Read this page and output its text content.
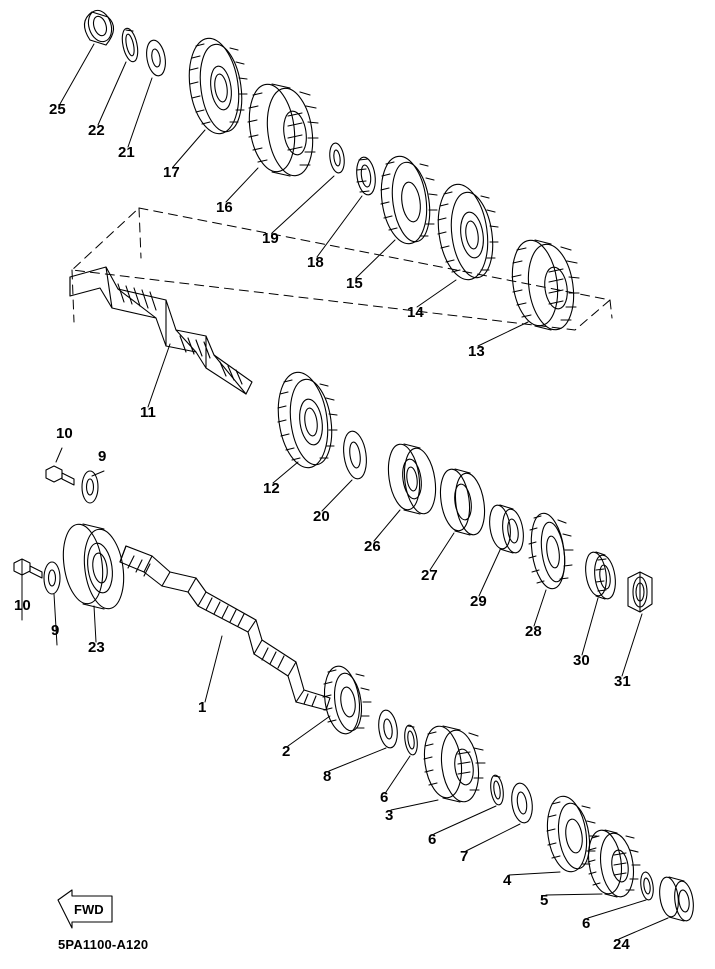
25
22
21
17
16
19
18
15
14
13
11
12
20
26
27
29
28
30
31
10
9
10
9
23
1
2
8
6
3
6
7
4
5
6
24
FWD
5PA1100-A120
